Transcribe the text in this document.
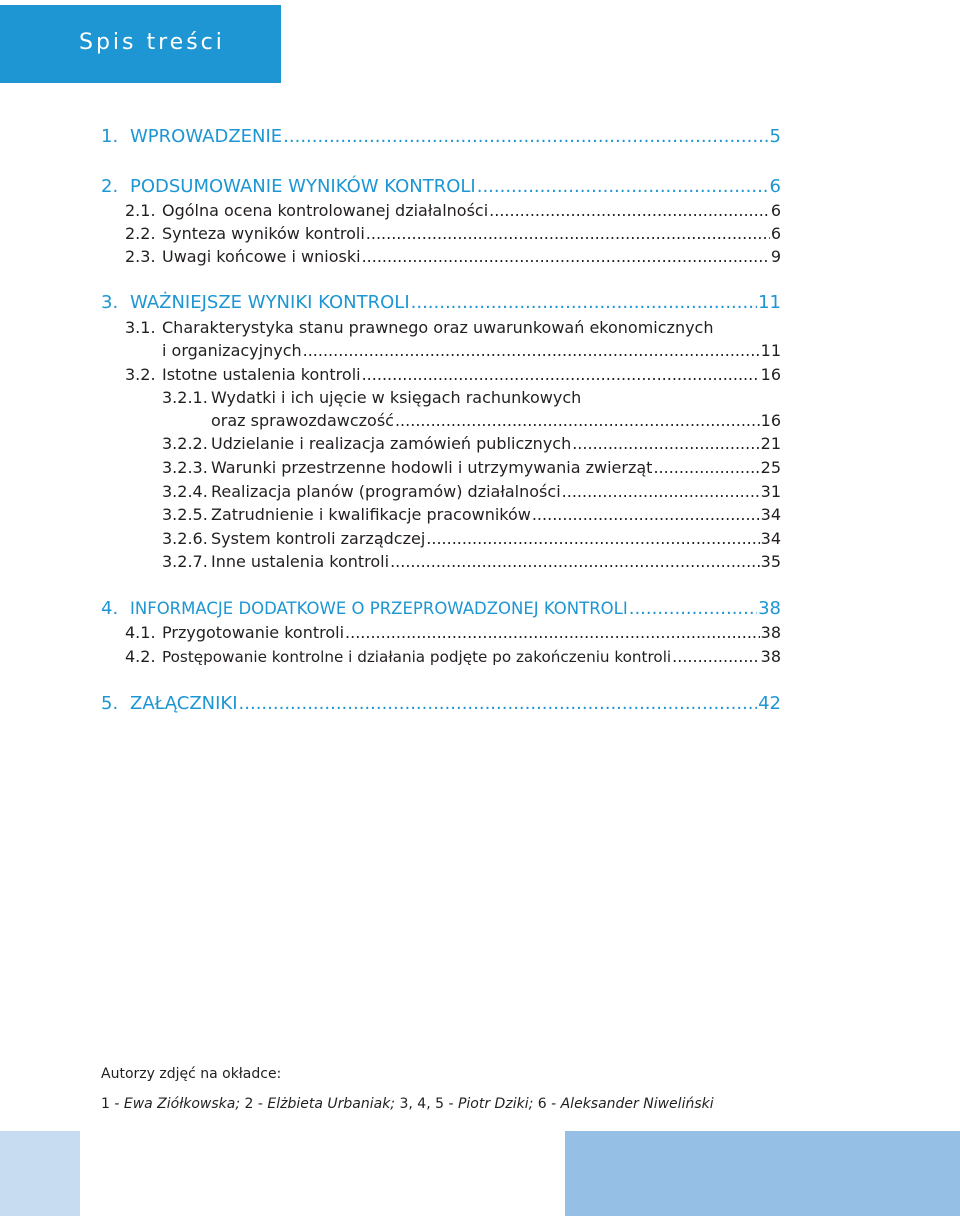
Spis treści
1. WPROWADZENIE .....	5
2. PODSUMOWANIE WYNIKÓW KONTROLI .....	6
2.1. Ogólna ocena kontrolowanej działalności .....	6
2.2. Synteza wyników kontroli .....	6
2.3. Uwagi końcowe i wnioski .....	9
3. WAŻNIEJSZE WYNIKI KONTROLI .....	11
3.1. Charakterystyka stanu prawnego oraz uwarunkowań ekonomicznych
i organizacyjnych .....	11
3.2. Istotne ustalenia kontroli .....	16
3.2.1. Wydatki i ich ujęcie w księgach rachunkowych
oraz sprawozdawczość .....	16
3.2.2. Udzielanie i realizacja zamówień publicznych .....	21
3.2.3. Warunki przestrzenne hodowli i utrzymywania zwierząt .....	25
3.2.4. Realizacja planów (programów) działalności .....	31
3.2.5. Zatrudnienie i kwalifikacje pracowników .....	34
3.2.6. System kontroli zarządczej .....	34
3.2.7. Inne ustalenia kontroli .....	35
4. INFORMACJE DODATKOWE O PRZEPROWADZONEJ KONTROLI .....	38
4.1. Przygotowanie kontroli .....	38
4.2. Postępowanie kontrolne i działania podjęte po zakończeniu kontroli .....	38
5. ZAŁĄCZNIKI .....	42
Autorzy zdjęć na okładce:
1 - Ewa Ziółkowska; 2 - Elżbieta Urbaniak; 3, 4, 5 - Piotr Dziki; 6 - Aleksander Niweliński
